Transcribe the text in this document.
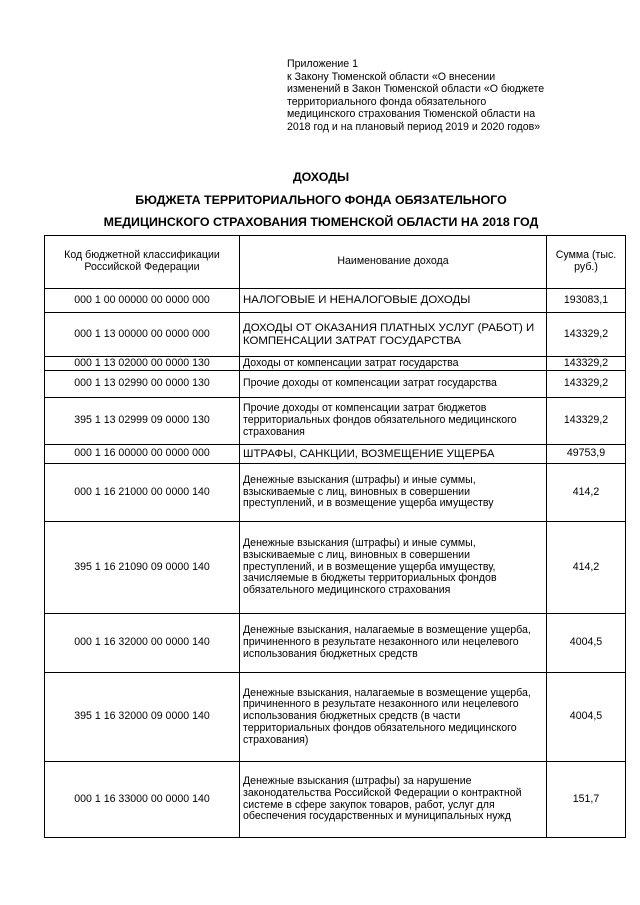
Приложение 1
к Закону Тюменской области «О внесении
изменений в Закон Тюменской области «О бюджете
территориального фонда обязательного
медицинского страхования Тюменской области на
2018 год и на плановый период 2019 и 2020 годов»
ДОХОДЫ
БЮДЖЕТА ТЕРРИТОРИАЛЬНОГО ФОНДА ОБЯЗАТЕЛЬНОГО
МЕДИЦИНСКОГО СТРАХОВАНИЯ ТЮМЕНСКОЙ ОБЛАСТИ НА 2018 ГОД
Код бюджетной классификации Российской Федерации	Наименование дохода	Сумма (тыс. руб.)
000 1 00 00000 00 0000 000	НАЛОГОВЫЕ И НЕНАЛОГОВЫЕ ДОХОДЫ	193083,1
000 1 13 00000 00 0000 000	ДОХОДЫ ОТ ОКАЗАНИЯ ПЛАТНЫХ УСЛУГ (РАБОТ) И КОМПЕНСАЦИИ ЗАТРАТ ГОСУДАРСТВА	143329,2
000 1 13 02000 00 0000 130	Доходы от компенсации затрат государства	143329,2
000 1 13 02990 00 0000 130	Прочие доходы от компенсации затрат государства	143329,2
395 1 13 02999 09 0000 130	Прочие доходы от компенсации затрат бюджетов территориальных фондов обязательного медицинского страхования	143329,2
000 1 16 00000 00 0000 000	ШТРАФЫ, САНКЦИИ, ВОЗМЕЩЕНИЕ УЩЕРБА	49753,9
000 1 16 21000 00 0000 140	Денежные взыскания (штрафы) и иные суммы, взыскиваемые с лиц, виновных в совершении преступлений, и в возмещение ущерба имуществу	414,2
395 1 16 21090 09 0000 140	Денежные взыскания (штрафы) и иные суммы, взыскиваемые с лиц, виновных в совершении преступлений, и в возмещение ущерба имуществу, зачисляемые в бюджеты территориальных фондов обязательного медицинского страхования	414,2
000 1 16 32000 00 0000 140	Денежные взыскания, налагаемые в возмещение ущерба, причиненного в результате незаконного или нецелевого использования бюджетных средств	4004,5
395 1 16 32000 09 0000 140	Денежные взыскания, налагаемые в возмещение ущерба, причиненного в результате незаконного или нецелевого использования бюджетных средств (в части территориальных фондов обязательного медицинского страхования)	4004,5
000 1 16 33000 00 0000 140	Денежные взыскания (штрафы) за нарушение законодательства Российской Федерации о контрактной системе в сфере закупок товаров, работ, услуг для обеспечения государственных и муниципальных нужд	151,7
